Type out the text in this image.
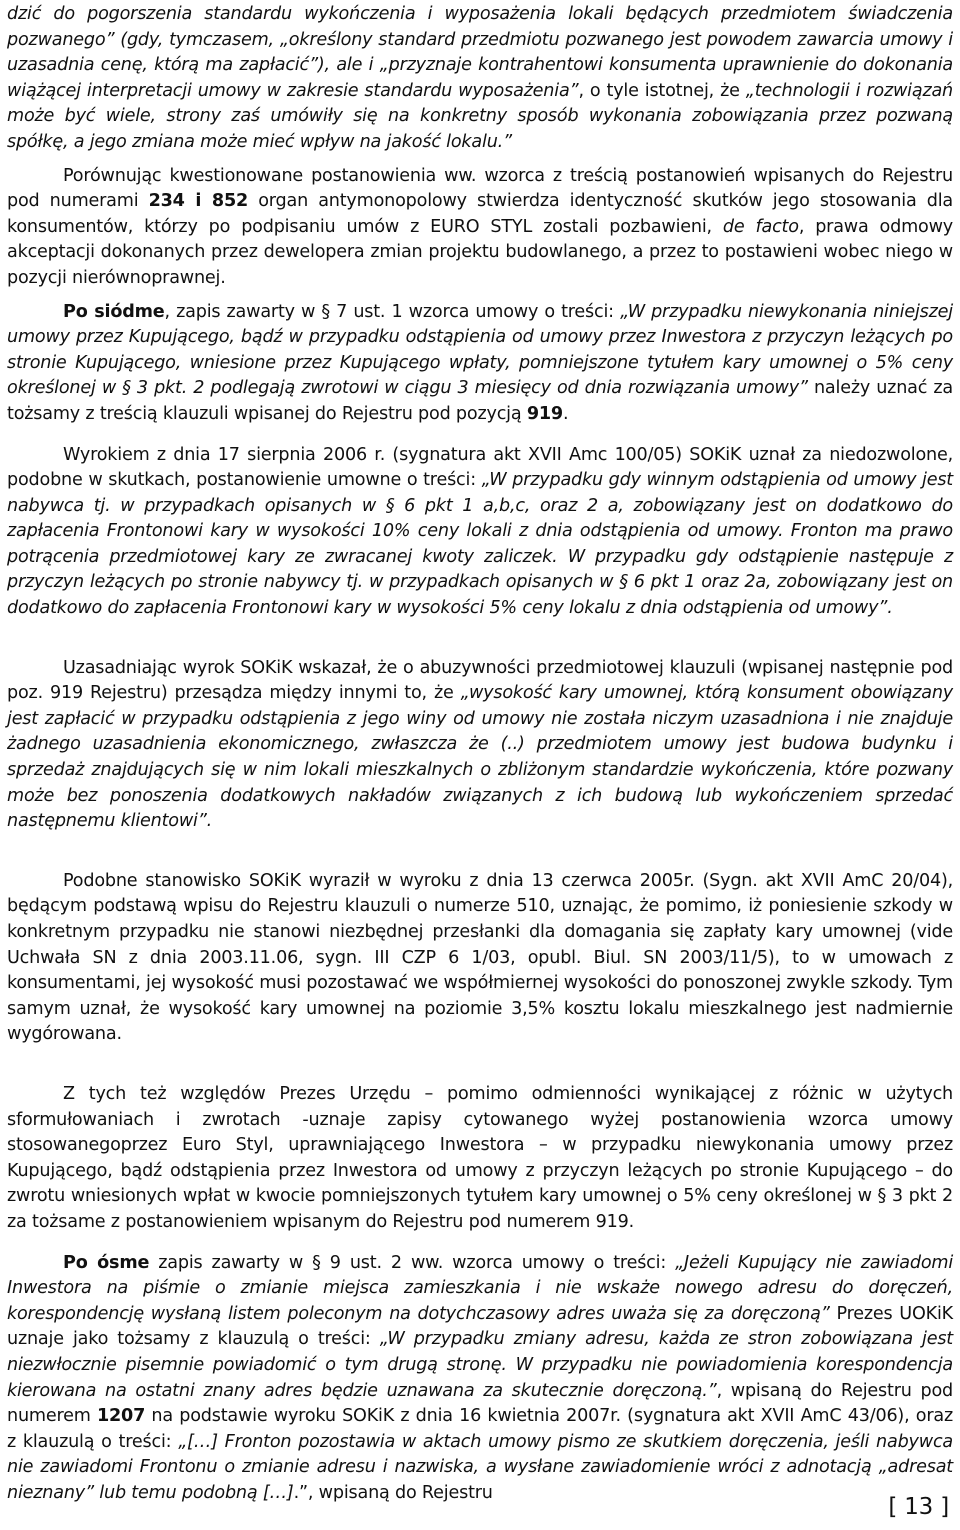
dzić do pogorszenia standardu wykończenia i wyposażenia lokali będących przedmiotem świadczenia pozwanego” (gdy, tymczasem, „określony standard przedmiotu pozwanego jest powodem zawarcia umowy i uzasadnia cenę, którą ma zapłacić”), ale i „przyznaje kontrahentowi konsumenta uprawnienie do dokonania wiążącej interpretacji umowy w zakresie standardu wyposażenia”, o tyle istotnej, że „technologii i rozwiązań może być wiele, strony zaś umówiły się na konkretny sposób wykonania zobowiązania przez pozwaną spółkę, a jego zmiana może mieć wpływ na jakość lokalu.”

Porównując kwestionowane postanowienia ww. wzorca z treścią postanowień wpisanych do Rejestru pod numerami 234 i 852 organ antymonopolowy stwierdza identyczność skutków jego stosowania dla konsumentów, którzy po podpisaniu umów z EURO STYL zostali pozbawieni, de facto, prawa odmowy akceptacji dokonanych przez dewelopera zmian projektu budowlanego, a przez to postawieni wobec niego w pozycji nierównoprawnej.

Po siódme, zapis zawarty w § 7 ust. 1 wzorca umowy o treści: „W przypadku niewykonania niniejszej umowy przez Kupującego, bądź w przypadku odstąpienia od umowy przez Inwestora z przyczyn leżących po stronie Kupującego, wniesione przez Kupującego wpłaty, pomniejszone tytułem kary umownej o 5% ceny określonej w § 3 pkt. 2 podlegają zwrotowi w ciągu 3 miesięcy od dnia rozwiązania umowy” należy uznać za tożsamy z treścią klauzuli wpisanej do Rejestru pod pozycją 919.

Wyrokiem z dnia 17 sierpnia 2006 r. (sygnatura akt XVII Amc 100/05) SOKiK uznał za niedozwolone, podobne w skutkach, postanowienie umowne o treści: „W przypadku gdy winnym odstąpienia od umowy jest nabywca tj. w przypadkach opisanych w § 6 pkt 1 a,b,c, oraz 2 a, zobowiązany jest on dodatkowo do zapłacenia Frontonowi kary w wysokości 10% ceny lokali z dnia odstąpienia od umowy. Fronton ma prawo potrącenia przedmiotowej kary ze zwracanej kwoty zaliczek. W przypadku gdy odstąpienie następuje z przyczyn leżących po stronie nabywcy tj. w przypadkach opisanych w § 6 pkt 1 oraz 2a, zobowiązany jest on dodatkowo do zapłacenia Frontonowi kary w wysokości 5% ceny lokalu z dnia odstąpienia od umowy”.

Uzasadniając wyrok SOKiK wskazał, że o abuzywności przedmiotowej klauzuli (wpisanej następnie pod poz. 919 Rejestru) przesądza między innymi to, że „wysokość kary umownej, którą konsument obowiązany jest zapłacić w przypadku odstąpienia z jego winy od umowy nie została niczym uzasadniona i nie znajduje żadnego uzasadnienia ekonomicznego, zwłaszcza że (..) przedmiotem umowy jest budowa budynku i sprzedaż znajdujących się w nim lokali mieszkalnych o zbliżonym standardzie wykończenia, które pozwany może bez ponoszenia dodatkowych nakładów związanych z ich budową lub wykończeniem sprzedać następnemu klientowi”.

Podobne stanowisko SOKiK wyraził w wyroku z dnia 13 czerwca 2005r. (Sygn. akt XVII AmC 20/04), będącym podstawą wpisu do Rejestru klauzuli o numerze 510, uznając, że pomimo, iż poniesienie szkody w konkretnym przypadku nie stanowi niezbędnej przesłanki dla domagania się zapłaty kary umownej (vide Uchwała SN z dnia 2003.11.06, sygn. III CZP 6 1/03, opubl. Biul. SN 2003/11/5), to w umowach z konsumentami, jej wysokość musi pozostawać we współmiernej wysokości do ponoszonej zwykle szkody. Tym samym uznał, że wysokość kary umownej na poziomie 3,5% kosztu lokalu mieszkalnego jest nadmiernie wygórowana.

Z tych też względów Prezes Urzędu – pomimo odmienności wynikającej z różnic w użytych sformułowaniach i zwrotach -uznaje zapisy cytowanego wyżej postanowienia wzorca umowy stosowanegoprzez Euro Styl, uprawniającego Inwestora – w przypadku niewykonania umowy przez Kupującego, bądź odstąpienia przez Inwestora od umowy z przyczyn leżących po stronie Kupującego – do zwrotu wniesionych wpłat w kwocie pomniejszonych tytułem kary umownej o 5% ceny określonej w § 3 pkt 2 za tożsame z postanowieniem wpisanym do Rejestru pod numerem 919.

Po ósme zapis zawarty w § 9 ust. 2 ww. wzorca umowy o treści: „Jeżeli Kupujący nie zawiadomi Inwestora na piśmie o zmianie miejsca zamieszkania i nie wskaże nowego adresu do doręczeń, korespondencję wysłaną listem poleconym na dotychczasowy adres uważa się za doręczoną” Prezes UOKiK uznaje jako tożsamy z klauzulą o treści: „W przypadku zmiany adresu, każda ze stron zobowiązana jest niezwłocznie pisemnie powiadomić o tym drugą stronę. W przypadku nie powiadomienia korespondencja kierowana na ostatni znany adres będzie uznawana za skutecznie doręczoną.”, wpisaną do Rejestru pod numerem 1207 na podstawie wyroku SOKiK z dnia 16 kwietnia 2007r. (sygnatura akt XVII AmC 43/06), oraz z klauzulą o treści: „[…] Fronton pozostawia w aktach umowy pismo ze skutkiem doręczenia, jeśli nabywca nie zawiadomi Frontonu o zmianie adresu i nazwiska, a wysłane zawiadomienie wróci z adnotacją „adresat nieznany” lub temu podobną […].”, wpisaną do Rejestru

[ 13 ]
